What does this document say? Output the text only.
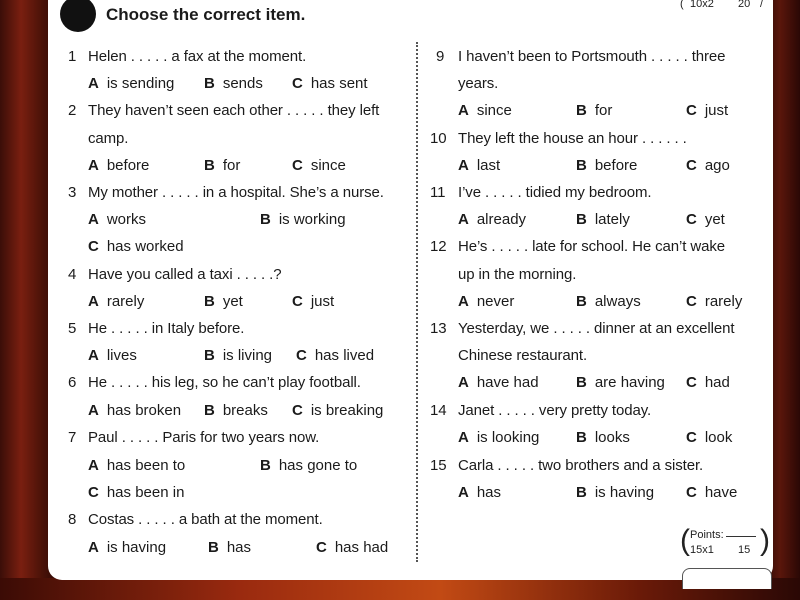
Choose the correct item.
( 10x2 20 /
1 Helen . . . . . a fax at the moment.
A is sending B sends C has sent
2 They haven’t seen each other . . . . . they left
camp.
A before	B for	C since
3 My mother . . . . . in a hospital. She’s a nurse.
A works	B is working
C has worked
4 Have you called a taxi . . . . .?
A rarely	B yet	C just
5 He . . . . . in Italy before.
A lives	B is living C has lived
6 He . . . . . his leg, so he can’t play football.
A has broken B breaks C is breaking
7 Paul . . . . . Paris for two years now.
A has been to	B has gone to
C has been in
8 Costas . . . . . a bath at the moment.
A is having	B has	C has had
9 I haven’t been to Portsmouth . . . . . three
years.
A since	B for	C just
10 They left the house an hour . . . . . .
A last	B before	C ago
11 I’ve . . . . . tidied my bedroom.
A already	B lately	C yet
12 He’s . . . . . late for school. He can’t wake
up in the morning.
A never	B always	C rarely
13 Yesterday, we . . . . . dinner at an excellent
Chinese restaurant.
A have had B are having C had
14 Janet . . . . . very pretty today.
A is looking B looks	C look
15 Carla . . . . . two brothers and a sister.
A has	B is having C have
( Points:
15x1 15 )
